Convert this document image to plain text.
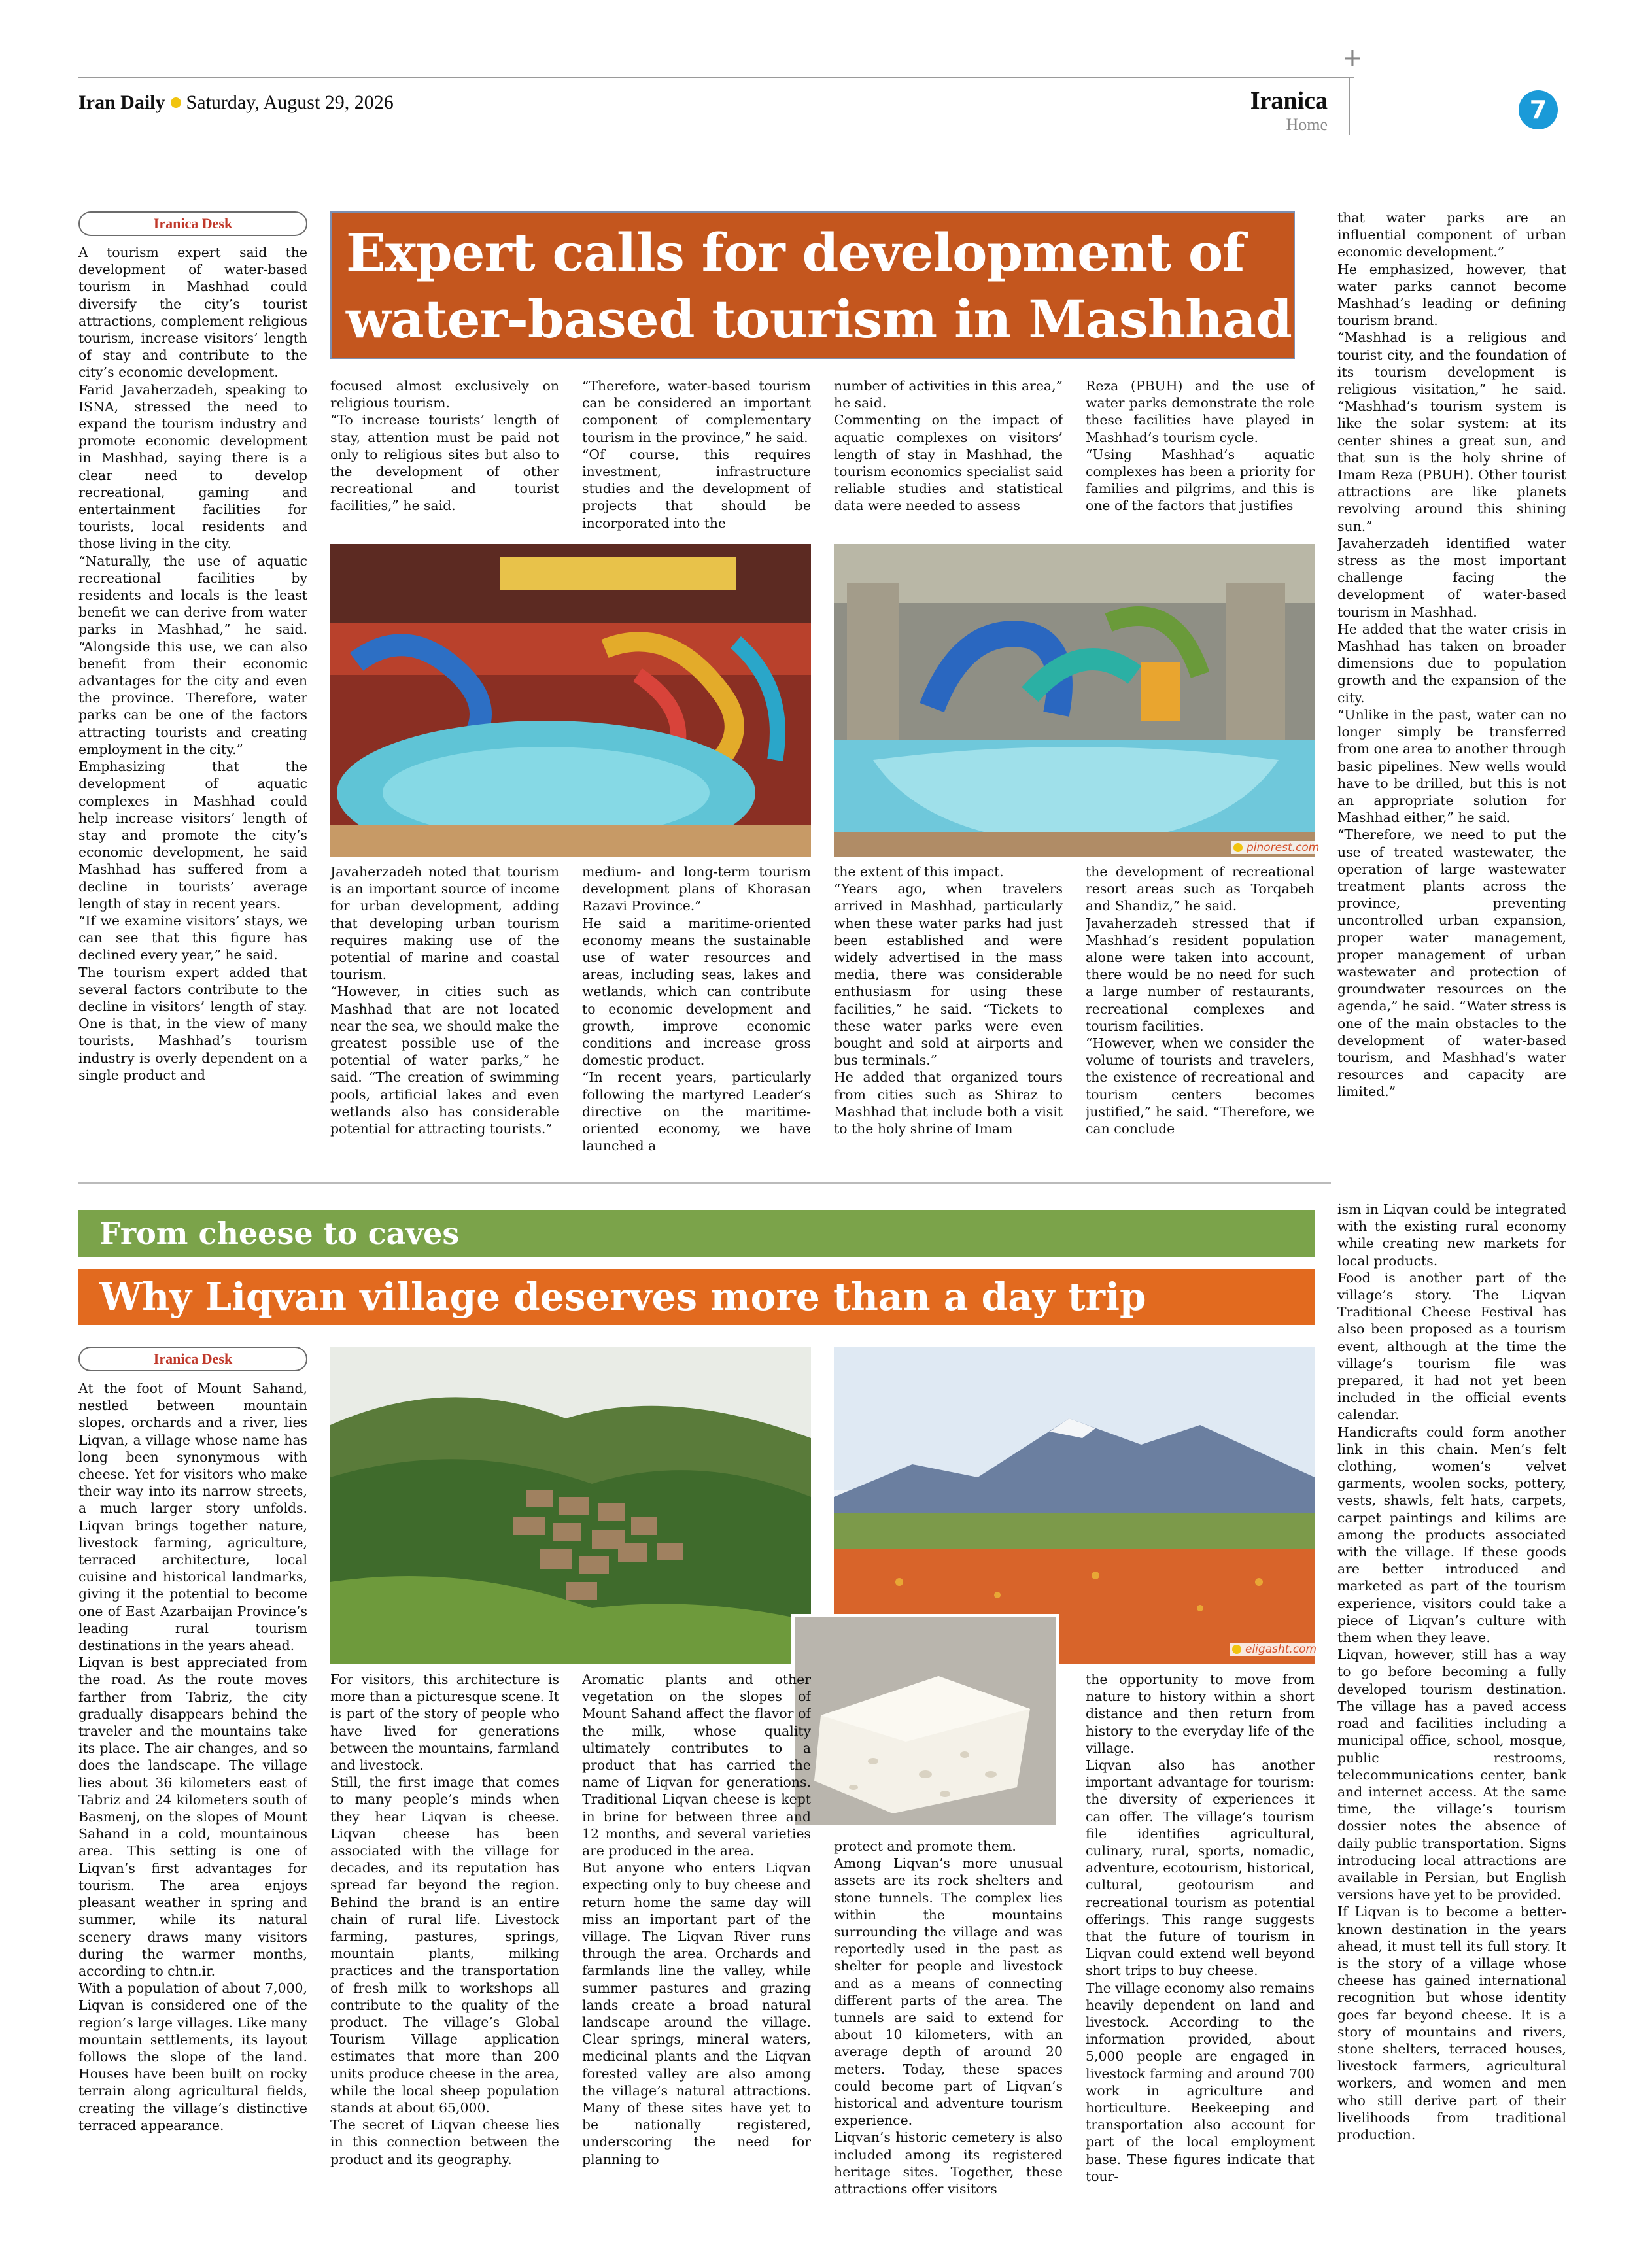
+
Iran Daily Saturday, August 29, 2026	Iranica
Home
7
Iranica Desk

A tourism expert said the development of water-based tourism in Mashhad could diversify the city’s tourist attractions, complement religious tourism, increase visitors’ length of stay and contribute to the city’s economic development.

Farid Javaherzadeh, speaking to ISNA, stressed the need to expand the tourism industry and promote economic development in Mashhad, saying there is a clear need to develop recreational, gaming and entertainment facilities for tourists, local residents and those living in the city.

“Naturally, the use of aquatic recreational facilities by residents and locals is the least benefit we can derive from water parks in Mashhad,” he said. “Alongside this use, we can also benefit from their economic advantages for the city and even the province. Therefore, water parks can be one of the factors attracting tourists and creating employment in the city.”

Emphasizing that the development of aquatic complexes in Mashhad could help increase visitors’ length of stay and promote the city’s economic development, he said Mashhad has suffered from a decline in tourists’ average length of stay in recent years.

“If we examine visitors’ stays, we can see that this figure has declined every year,” he said.

The tourism expert added that several factors contribute to the decline in visitors’ length of stay. One is that, in the view of many tourists, Mashhad’s tourism industry is overly dependent on a single product and

Expert calls for development of
water-based tourism in Mashhad

focused almost exclusively on religious tourism.

“To increase tourists’ length of stay, attention must be paid not only to religious sites but also to the development of other recreational and tourist facilities,” he said.

“Therefore, water-based tourism can be considered an important component of complementary tourism in the province,” he said.

“Of course, this requires investment, infrastructure studies and the development of projects that should be incorporated into the

number of activities in this area,” he said.

Commenting on the impact of aquatic complexes on visitors’ length of stay in Mashhad, the tourism economics specialist said reliable studies and statistical data were needed to assess

Reza (PBUH) and the use of water parks demonstrate the role these facilities have played in Mashhad’s tourism cycle.

“Using Mashhad’s aquatic complexes has been a priority for families and pilgrims, and this is one of the factors that justifies

pinorest.com

Javaherzadeh noted that tourism is an important source of income for urban development, adding that developing urban tourism requires making use of the potential of marine and coastal tourism.

“However, in cities such as Mashhad that are not located near the sea, we should make the greatest possible use of the potential of water parks,” he said. “The creation of swimming pools, artificial lakes and even wetlands also has considerable potential for attracting tourists.”

medium- and long-term tourism development plans of Khorasan Razavi Province.”

He said a maritime-oriented economy means the sustainable use of water resources and areas, including seas, lakes and wetlands, which can contribute to economic development and growth, improve economic conditions and increase gross domestic product.

“In recent years, particularly following the martyred Leader’s directive on the maritime-oriented economy, we have launched a

the extent of this impact.

“Years ago, when travelers arrived in Mashhad, particularly when these water parks had just been established and were widely advertised in the mass media, there was considerable enthusiasm for using these facilities,” he said. “Tickets to these water parks were even bought and sold at airports and bus terminals.”

He added that organized tours from cities such as Shiraz to Mashhad that include both a visit to the holy shrine of Imam

the development of recreational resort areas such as Torqabeh and Shandiz,” he said.

Javaherzadeh stressed that if Mashhad’s resident population alone were taken into account, there would be no need for such a large number of restaurants, recreational complexes and tourism facilities.

“However, when we consider the volume of tourists and travelers, the existence of recreational and tourism centers becomes justified,” he said. “Therefore, we can conclude

that water parks are an influential component of urban economic development.”

He emphasized, however, that water parks cannot become Mashhad’s leading or defining tourism brand.

“Mashhad is a religious and tourist city, and the foundation of its tourism development is religious visitation,” he said. “Mashhad’s tourism system is like the solar system: at its center shines a great sun, and that sun is the holy shrine of Imam Reza (PBUH). Other tourist attractions are like planets revolving around this shining sun.”

Javaherzadeh identified water stress as the most important challenge facing the development of water-based tourism in Mashhad.

He added that the water crisis in Mashhad has taken on broader dimensions due to population growth and the expansion of the city.

“Unlike in the past, water can no longer simply be transferred from one area to another through basic pipelines. New wells would have to be drilled, but this is not an appropriate solution for Mashhad either,” he said.

“Therefore, we need to put the use of treated wastewater, the operation of large wastewater treatment plants across the province, preventing uncontrolled urban expansion, proper water management, proper management of urban wastewater and protection of groundwater resources on the agenda,” he said. “Water stress is one of the main obstacles to the development of water-based tourism, and Mashhad’s water resources and capacity are limited.”

From cheese to caves
Why Liqvan village deserves more than a day trip
Iranica Desk

At the foot of Mount Sahand, nestled between mountain slopes, orchards and a river, lies Liqvan, a village whose name has long been synonymous with cheese. Yet for visitors who make their way into its narrow streets, a much larger story unfolds. Liqvan brings together nature, livestock farming, agriculture, terraced architecture, local cuisine and historical landmarks, giving it the potential to become one of East Azarbaijan Province’s leading rural tourism destinations in the years ahead.

Liqvan is best appreciated from the road. As the route moves farther from Tabriz, the city gradually disappears behind the traveler and the mountains take its place. The air changes, and so does the landscape. The village lies about 36 kilometers east of Tabriz and 24 kilometers south of Basmenj, on the slopes of Mount Sahand in a cold, mountainous area. This setting is one of Liqvan’s first advantages for tourism. The area enjoys pleasant weather in spring and summer, while its natural scenery draws many visitors during the warmer months, according to chtn.ir.

With a population of about 7,000, Liqvan is considered one of the region’s large villages. Like many mountain settlements, its layout follows the slope of the land. Houses have been built on rocky terrain along agricultural fields, creating the village’s distinctive terraced appearance.

eligasht.com

For visitors, this architecture is more than a picturesque scene. It is part of the story of people who have lived for generations between the mountains, farmland and livestock.

Still, the first image that comes to many people’s minds when they hear Liqvan is cheese. Liqvan cheese has been associated with the village for decades, and its reputation has spread far beyond the region. Behind the brand is an entire chain of rural life. Livestock farming, pastures, springs, mountain plants, milking practices and the transportation of fresh milk to workshops all contribute to the quality of the product. The village’s Global Tourism Village application estimates that more than 200 units produce cheese in the area, while the local sheep population stands at about 65,000.

The secret of Liqvan cheese lies in this connection between the product and its geography.

Aromatic plants and other vegetation on the slopes of Mount Sahand affect the flavor of the milk, whose quality ultimately contributes to a product that has carried the name of Liqvan for generations. Traditional Liqvan cheese is kept in brine for between three and 12 months, and several varieties are produced in the area.

But anyone who enters Liqvan expecting only to buy cheese and return home the same day will miss an important part of the village. The Liqvan River runs through the area. Orchards and farmlands line the valley, while summer pastures and grazing lands create a broad natural landscape around the village. Clear springs, mineral waters, medicinal plants and the Liqvan forested valley are also among the village’s natural attractions. Many of these sites have yet to be nationally registered, underscoring the need for planning to

protect and promote them.

Among Liqvan’s more unusual assets are its rock shelters and stone tunnels. The complex lies within the mountains surrounding the village and was reportedly used in the past as shelter for people and livestock and as a means of connecting different parts of the area. The tunnels are said to extend for about 10 kilometers, with an average depth of around 20 meters. Today, these spaces could become part of Liqvan’s historical and adventure tourism experience.

Liqvan’s historic cemetery is also included among its registered heritage sites. Together, these attractions offer visitors

the opportunity to move from nature to history within a short distance and then return from history to the everyday life of the village.

Liqvan also has another important advantage for tourism: the diversity of experiences it can offer. The village’s tourism file identifies agricultural, culinary, rural, sports, nomadic, adventure, ecotourism, historical, cultural, geotourism and recreational tourism as potential offerings. This range suggests that the future of tourism in Liqvan could extend well beyond short trips to buy cheese.

The village economy also remains heavily dependent on land and livestock. According to the information provided, about 5,000 people are engaged in livestock farming and around 700 work in agriculture and horticulture. Beekeeping and transportation also account for part of the local employment base. These figures indicate that tour-

ism in Liqvan could be integrated with the existing rural economy while creating new markets for local products.

Food is another part of the village’s story. The Liqvan Traditional Cheese Festival has also been proposed as a tourism event, although at the time the village’s tourism file was prepared, it had not yet been included in the official events calendar.

Handicrafts could form another link in this chain. Men’s felt clothing, women’s velvet garments, woolen socks, pottery, vests, shawls, felt hats, carpets, carpet paintings and kilims are among the products associated with the village. If these goods are better introduced and marketed as part of the tourism experience, visitors could take a piece of Liqvan’s culture with them when they leave.

Liqvan, however, still has a way to go before becoming a fully developed tourism destination. The village has a paved access road and facilities including a municipal office, school, mosque, public restrooms, telecommunications center, bank and internet access. At the same time, the village’s tourism dossier notes the absence of daily public transportation. Signs introducing local attractions are available in Persian, but English versions have yet to be provided.

If Liqvan is to become a better-known destination in the years ahead, it must tell its full story. It is the story of a village whose cheese has gained international recognition but whose identity goes far beyond cheese. It is a story of mountains and rivers, stone shelters, terraced houses, livestock farmers, agricultural workers, and women and men who still derive part of their livelihoods from traditional production.
